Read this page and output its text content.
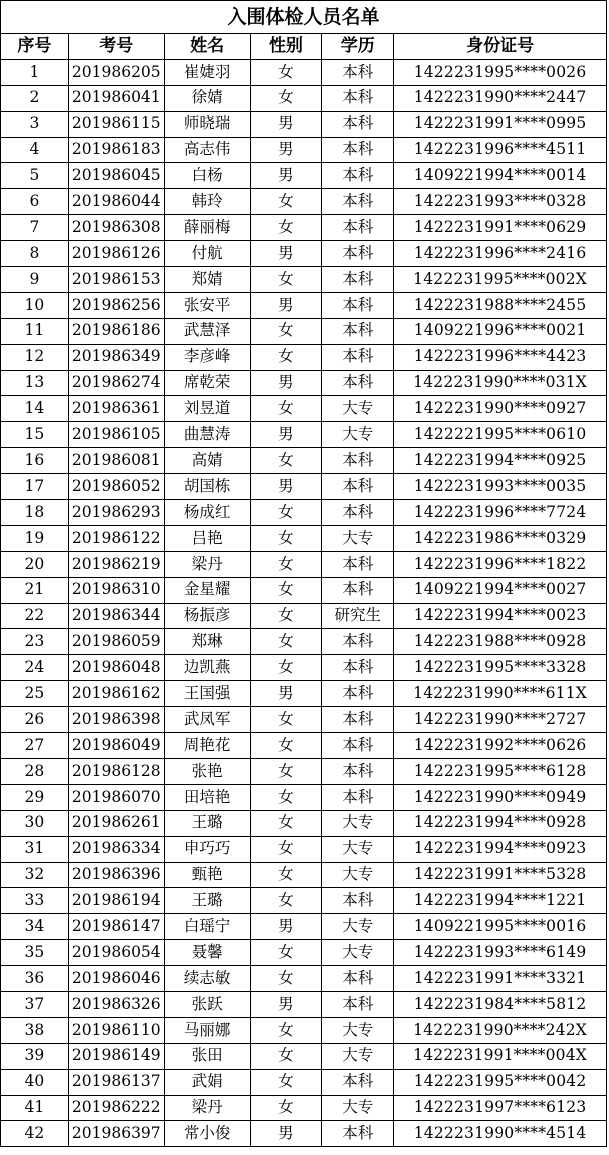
入围体检人员名单					
序号	考号	姓名	性别	学历	身份证号
1	201986205	崔婕羽	女	本科	1422231995****0026
2	201986041	徐婧	女	本科	1422231990****2447
3	201986115	师晓瑞	男	本科	1422231991****0995
4	201986183	高志伟	男	本科	1422231996****4511
5	201986045	白杨	男	本科	1409221994****0014
6	201986044	韩玲	女	本科	1422231993****0328
7	201986308	薛丽梅	女	本科	1422231991****0629
8	201986126	付航	男	本科	1422231996****2416
9	201986153	郑婧	女	本科	1422231995****002X
10	201986256	张安平	男	本科	1422231988****2455
11	201986186	武慧泽	女	本科	1409221996****0021
12	201986349	李彦峰	女	本科	1422231996****4423
13	201986274	席乾荣	男	本科	1422231990****031X
14	201986361	刘昱道	女	大专	1422231990****0927
15	201986105	曲慧涛	男	大专	1422221995****0610
16	201986081	高婧	女	本科	1422231994****0925
17	201986052	胡国栋	男	本科	1422231993****0035
18	201986293	杨成红	女	本科	1422231996****7724
19	201986122	吕艳	女	大专	1422231986****0329
20	201986219	梁丹	女	本科	1422231996****1822
21	201986310	金星耀	女	本科	1409221994****0027
22	201986344	杨振彦	女	研究生	1422231994****0023
23	201986059	郑琳	女	本科	1422231988****0928
24	201986048	边凯燕	女	本科	1422231995****3328
25	201986162	王国强	男	本科	1422231990****611X
26	201986398	武凤军	女	本科	1422231990****2727
27	201986049	周艳花	女	本科	1422231992****0626
28	201986128	张艳	女	本科	1422231995****6128
29	201986070	田培艳	女	本科	1422231990****0949
30	201986261	王璐	女	大专	1422231994****0928
31	201986334	申巧巧	女	大专	1422231994****0923
32	201986396	甄艳	女	大专	1422231991****5328
33	201986194	王璐	女	本科	1422231994****1221
34	201986147	白瑶宁	男	大专	1409221995****0016
35	201986054	聂馨	女	大专	1422231993****6149
36	201986046	续志敏	女	本科	1422231991****3321
37	201986326	张跃	男	本科	1422231984****5812
38	201986110	马丽娜	女	大专	1422231990****242X
39	201986149	张田	女	大专	1422231991****004X
40	201986137	武娟	女	本科	1422231995****0042
41	201986222	梁丹	女	大专	1422231997****6123
42	201986397	常小俊	男	本科	1422231990****4514
